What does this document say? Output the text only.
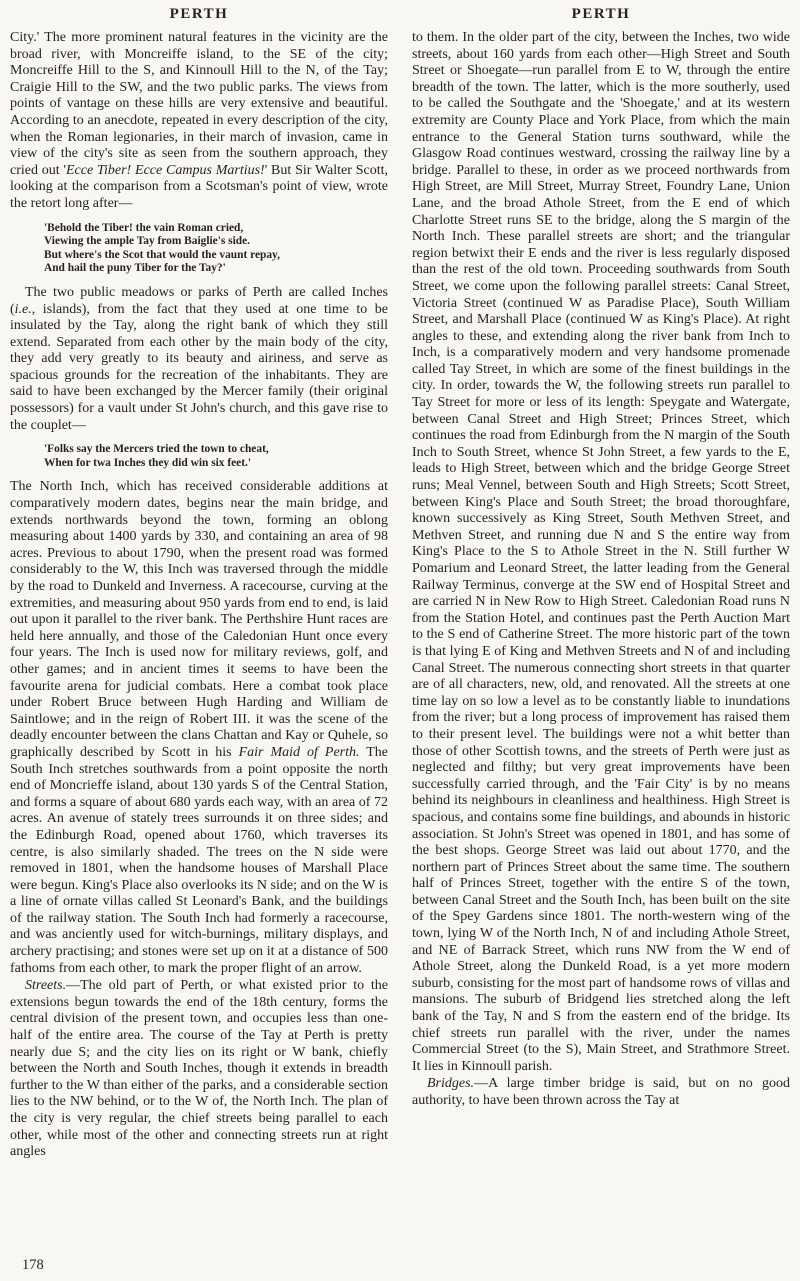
PERTH

City.' The more prominent natural features in the vicinity are the broad river, with Moncreiffe island, to the SE of the city; Moncreiffe Hill to the S, and Kinnoull Hill to the N, of the Tay; Craigie Hill to the SW, and the two public parks. The views from points of vantage on these hills are very extensive and beautiful. According to an anecdote, repeated in every description of the city, when the Roman legionaries, in their march of invasion, came in view of the city's site as seen from the southern approach, they cried out 'Ecce Tiber! Ecce Campus Martius!' But Sir Walter Scott, looking at the comparison from a Scotsman's point of view, wrote the retort long after—

'Behold the Tiber! the vain Roman cried,
Viewing the ample Tay from Baiglie's side.
But where's the Scot that would the vaunt repay,
And hail the puny Tiber for the Tay?'

The two public meadows or parks of Perth are called Inches (i.e., islands), from the fact that they used at one time to be insulated by the Tay, along the right bank of which they still extend. Separated from each other by the main body of the city, they add very greatly to its beauty and airiness, and serve as spacious grounds for the recreation of the inhabitants. They are said to have been exchanged by the Mercer family (their original possessors) for a vault under St John's church, and this gave rise to the couplet—

'Folks say the Mercers tried the town to cheat,
When for twa Inches they did win six feet.'

The North Inch, which has received considerable additions at comparatively modern dates, begins near the main bridge, and extends northwards beyond the town, forming an oblong measuring about 1400 yards by 330, and containing an area of 98 acres. Previous to about 1790, when the present road was formed considerably to the W, this Inch was traversed through the middle by the road to Dunkeld and Inverness. A racecourse, curving at the extremities, and measuring about 950 yards from end to end, is laid out upon it parallel to the river bank. The Perthshire Hunt races are held here annually, and those of the Caledonian Hunt once every four years. The Inch is used now for military reviews, golf, and other games; and in ancient times it seems to have been the favourite arena for judicial combats. Here a combat took place under Robert Bruce between Hugh Harding and William de Saintlowe; and in the reign of Robert III. it was the scene of the deadly encounter between the clans Chattan and Kay or Quhele, so graphically described by Scott in his Fair Maid of Perth. The South Inch stretches southwards from a point opposite the north end of Moncrieffe island, about 130 yards S of the Central Station, and forms a square of about 680 yards each way, with an area of 72 acres. An avenue of stately trees surrounds it on three sides; and the Edinburgh Road, opened about 1760, which traverses its centre, is also similarly shaded. The trees on the N side were removed in 1801, when the handsome houses of Marshall Place were begun. King's Place also overlooks its N side; and on the W is a line of ornate villas called St Leonard's Bank, and the buildings of the railway station. The South Inch had formerly a racecourse, and was anciently used for witch-burnings, military displays, and archery practising; and stones were set up on it at a distance of 500 fathoms from each other, to mark the proper flight of an arrow.

Streets.—The old part of Perth, or what existed prior to the extensions begun towards the end of the 18th century, forms the central division of the present town, and occupies less than one-half of the entire area. The course of the Tay at Perth is pretty nearly due S; and the city lies on its right or W bank, chiefly between the North and South Inches, though it extends in breadth further to the W than either of the parks, and a considerable section lies to the NW behind, or to the W of, the North Inch. The plan of the city is very regular, the chief streets being parallel to each other, while most of the other and connecting streets run at right angles

PERTH

to them. In the older part of the city, between the Inches, two wide streets, about 160 yards from each other—High Street and South Street or Shoegate—run parallel from E to W, through the entire breadth of the town. The latter, which is the more southerly, used to be called the Southgate and the 'Shoegate,' and at its western extremity are County Place and York Place, from which the main entrance to the General Station turns southward, while the Glasgow Road continues westward, crossing the railway line by a bridge. Parallel to these, in order as we proceed northwards from High Street, are Mill Street, Murray Street, Foundry Lane, Union Lane, and the broad Athole Street, from the E end of which Charlotte Street runs SE to the bridge, along the S margin of the North Inch. These parallel streets are short; and the triangular region betwixt their E ends and the river is less regularly disposed than the rest of the old town. Proceeding southwards from South Street, we come upon the following parallel streets: Canal Street, Victoria Street (continued W as Paradise Place), South William Street, and Marshall Place (continued W as King's Place). At right angles to these, and extending along the river bank from Inch to Inch, is a comparatively modern and very handsome promenade called Tay Street, in which are some of the finest buildings in the city. In order, towards the W, the following streets run parallel to Tay Street for more or less of its length: Speygate and Watergate, between Canal Street and High Street; Princes Street, which continues the road from Edinburgh from the N margin of the South Inch to South Street, whence St John Street, a few yards to the E, leads to High Street, between which and the bridge George Street runs; Meal Vennel, between South and High Streets; Scott Street, between King's Place and South Street; the broad thoroughfare, known successively as King Street, South Methven Street, and Methven Street, and running due N and S the entire way from King's Place to the S to Athole Street in the N. Still further W Pomarium and Leonard Street, the latter leading from the General Railway Terminus, converge at the SW end of Hospital Street and are carried N in New Row to High Street. Caledonian Road runs N from the Station Hotel, and continues past the Perth Auction Mart to the S end of Catherine Street. The more historic part of the town is that lying E of King and Methven Streets and N of and including Canal Street. The numerous connecting short streets in that quarter are of all characters, new, old, and renovated. All the streets at one time lay on so low a level as to be constantly liable to inundations from the river; but a long process of improvement has raised them to their present level. The buildings were not a whit better than those of other Scottish towns, and the streets of Perth were just as neglected and filthy; but very great improvements have been successfully carried through, and the 'Fair City' is by no means behind its neighbours in cleanliness and healthiness. High Street is spacious, and contains some fine buildings, and abounds in historic association. St John's Street was opened in 1801, and has some of the best shops. George Street was laid out about 1770, and the northern part of Princes Street about the same time. The southern half of Princes Street, together with the entire S of the town, between Canal Street and the South Inch, has been built on the site of the Spey Gardens since 1801. The north-western wing of the town, lying W of the North Inch, N of and including Athole Street, and NE of Barrack Street, which runs NW from the W end of Athole Street, along the Dunkeld Road, is a yet more modern suburb, consisting for the most part of handsome rows of villas and mansions. The suburb of Bridgend lies stretched along the left bank of the Tay, N and S from the eastern end of the bridge. Its chief streets run parallel with the river, under the names Commercial Street (to the S), Main Street, and Strathmore Street. It lies in Kinnoull parish.

Bridges.—A large timber bridge is said, but on no good authority, to have been thrown across the Tay at

178
